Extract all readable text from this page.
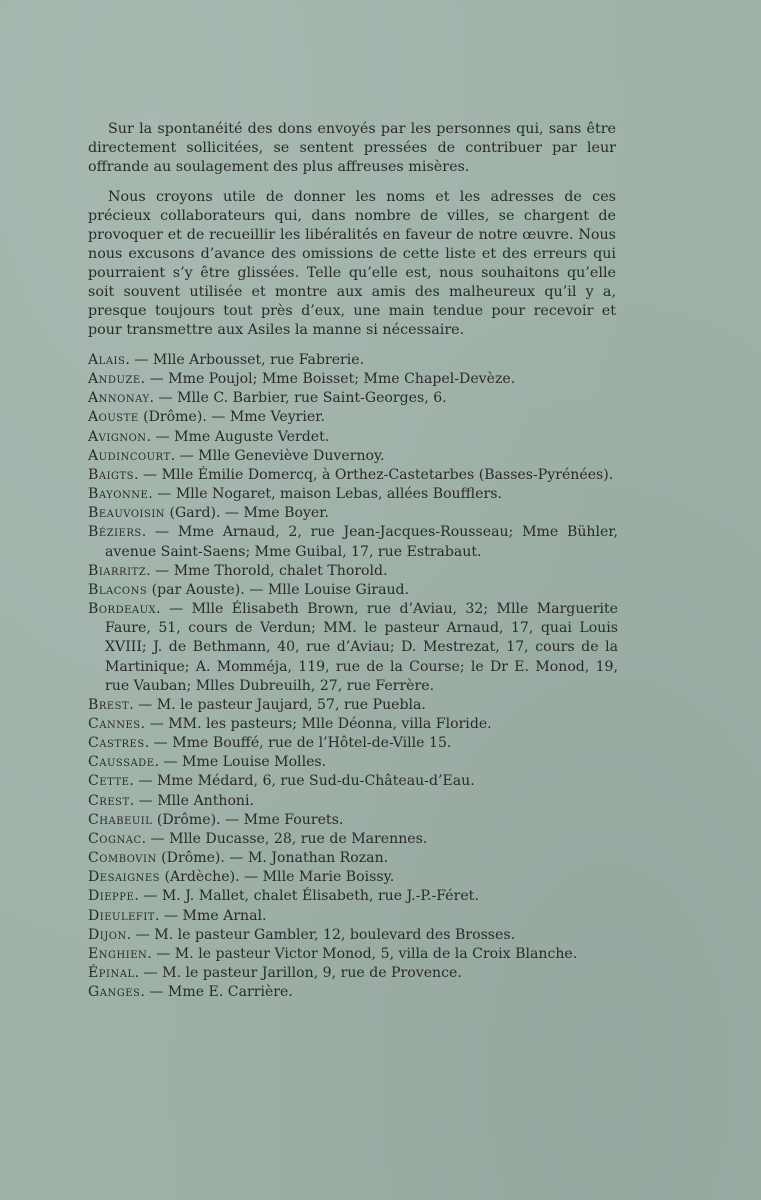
Sur la spontanéité des dons envoyés par les personnes qui, sans être directement sollicitées, se sentent pressées de contribuer par leur offrande au soulagement des plus affreuses misères.

Nous croyons utile de donner les noms et les adresses de ces précieux collaborateurs qui, dans nombre de villes, se chargent de provoquer et de recueillir les libéralités en faveur de notre œuvre. Nous nous excusons d’avance des omissions de cette liste et des erreurs qui pourraient s’y être glissées. Telle qu’elle est, nous souhaitons qu’elle soit souvent utilisée et montre aux amis des malheureux qu’il y a, presque toujours tout près d’eux, une main tendue pour recevoir et pour transmettre aux Asiles la manne si nécessaire.

Alais. — Mlle Arbousset, rue Fabrerie.
Anduze. — Mme Poujol; Mme Boisset; Mme Chapel-Devèze.
Annonay. — Mlle C. Barbier, rue Saint-Georges, 6.
Aouste (Drôme). — Mme Veyrier.
Avignon. — Mme Auguste Verdet.
Audincourt. — Mlle Geneviève Duvernoy.
Baigts. — Mlle Émilie Domercq, à Orthez-Castetarbes (Basses-Pyrénées).
Bayonne. — Mlle Nogaret, maison Lebas, allées Boufflers.
Beauvoisin (Gard). — Mme Boyer.
Béziers. — Mme Arnaud, 2, rue Jean-Jacques-Rousseau; Mme Bühler, avenue Saint-Saens; Mme Guibal, 17, rue Estrabaut.
Biarritz. — Mme Thorold, chalet Thorold.
Blacons (par Aouste). — Mlle Louise Giraud.
Bordeaux. — Mlle Élisabeth Brown, rue d’Aviau, 32; Mlle Marguerite Faure, 51, cours de Verdun; MM. le pasteur Arnaud, 17, quai Louis XVIII; J. de Bethmann, 40, rue d’Aviau; D. Mestrezat, 17, cours de la Martinique; A. Momméja, 119, rue de la Course; le Dr E. Monod, 19, rue Vauban; Mlles Dubreuilh, 27, rue Ferrère.
Brest. — M. le pasteur Jaujard, 57, rue Puebla.
Cannes. — MM. les pasteurs; Mlle Déonna, villa Floride.
Castres. — Mme Bouffé, rue de l’Hôtel-de-Ville 15.
Caussade. — Mme Louise Molles.
Cette. — Mme Médard, 6, rue Sud-du-Château-d’Eau.
Crest. — Mlle Anthoni.
Chabeuil (Drôme). — Mme Fourets.
Cognac. — Mlle Ducasse, 28, rue de Marennes.
Combovin (Drôme). — M. Jonathan Rozan.
Desaignes (Ardèche). — Mlle Marie Boissy.
Dieppe. — M. J. Mallet, chalet Élisabeth, rue J.-P.-Féret.
Dieulefit. — Mme Arnal.
Dijon. — M. le pasteur Gambler, 12, boulevard des Brosses.
Enghien. — M. le pasteur Victor Monod, 5, villa de la Croix Blanche.
Épinal. — M. le pasteur Jarillon, 9, rue de Provence.
Ganges. — Mme E. Carrière.
